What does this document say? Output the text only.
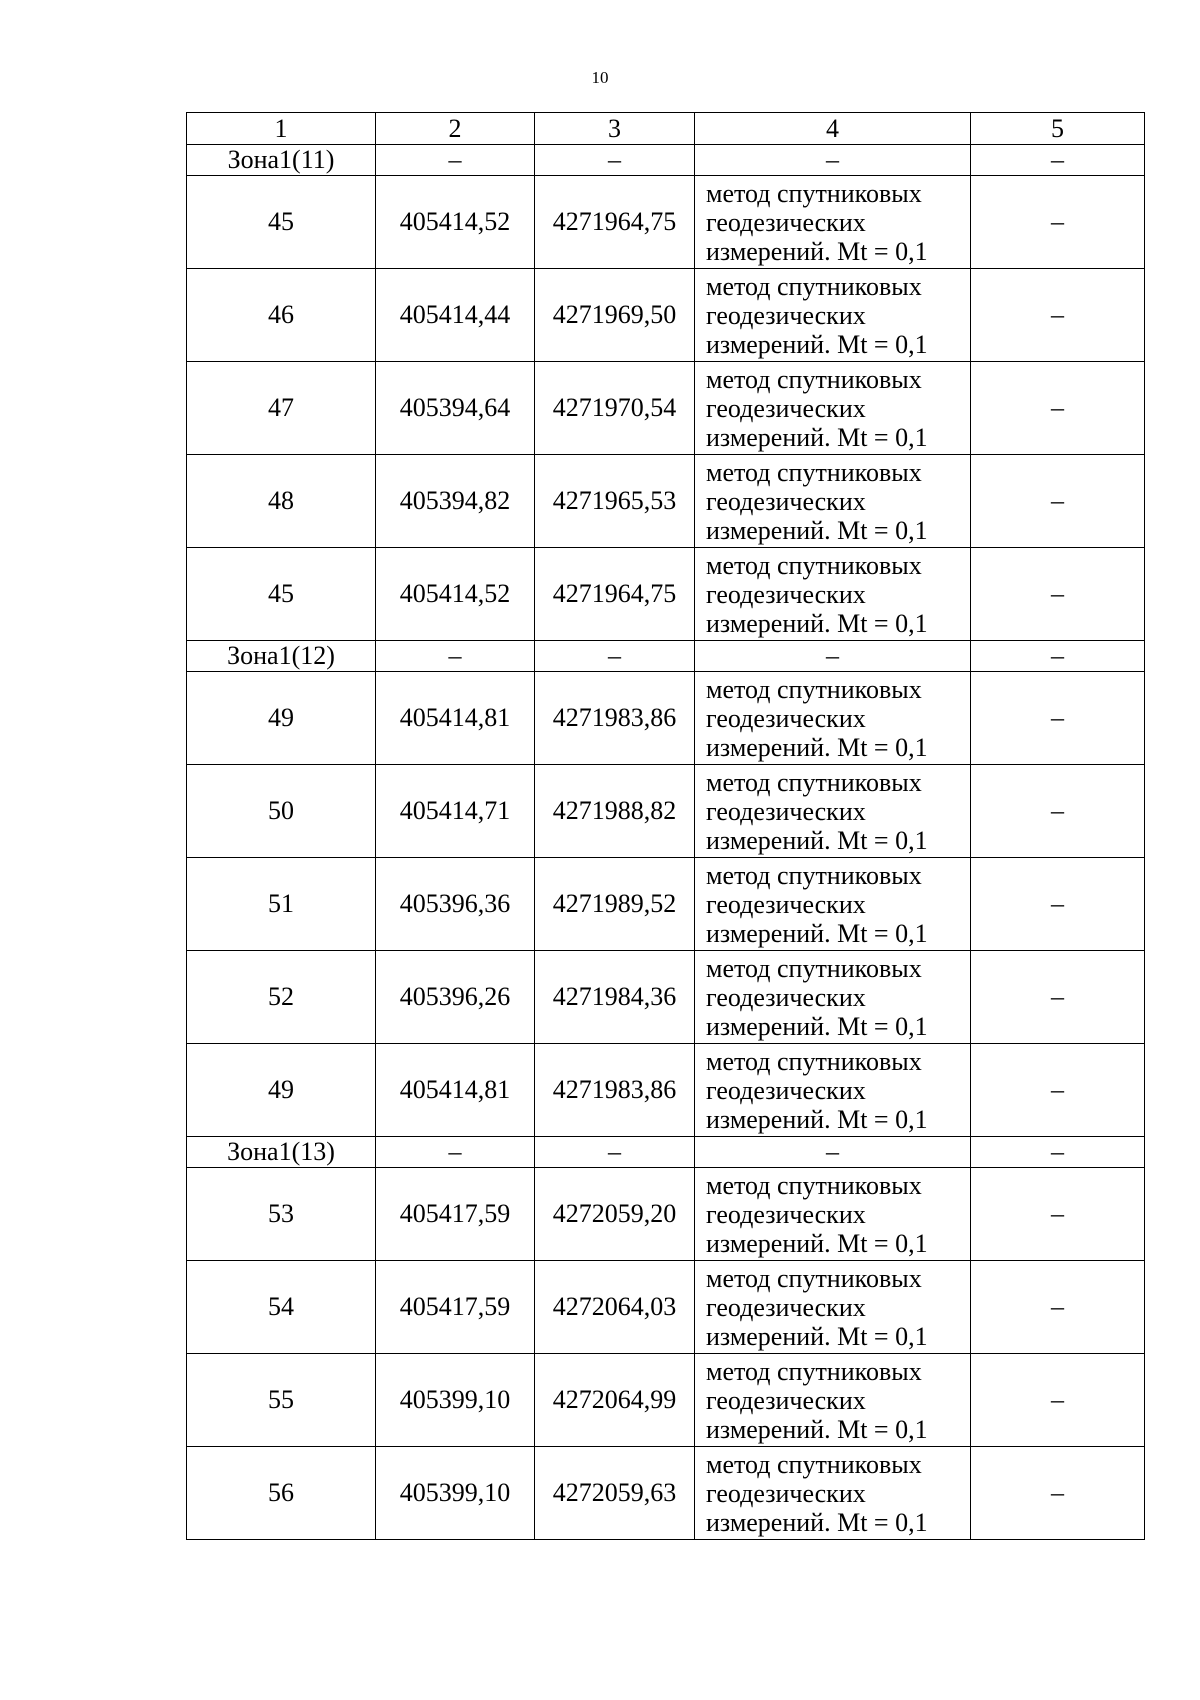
10
1	2	3	4	5
Зона1(11)	–	–	–	–
45	405414,52	4271964,75	метод спутниковых
геодезических
измерений. Mt = 0,1	–
46	405414,44	4271969,50	метод спутниковых
геодезических
измерений. Mt = 0,1	–
47	405394,64	4271970,54	метод спутниковых
геодезических
измерений. Mt = 0,1	–
48	405394,82	4271965,53	метод спутниковых
геодезических
измерений. Mt = 0,1	–
45	405414,52	4271964,75	метод спутниковых
геодезических
измерений. Mt = 0,1	–
Зона1(12)	–	–	–	–
49	405414,81	4271983,86	метод спутниковых
геодезических
измерений. Mt = 0,1	–
50	405414,71	4271988,82	метод спутниковых
геодезических
измерений. Mt = 0,1	–
51	405396,36	4271989,52	метод спутниковых
геодезических
измерений. Mt = 0,1	–
52	405396,26	4271984,36	метод спутниковых
геодезических
измерений. Mt = 0,1	–
49	405414,81	4271983,86	метод спутниковых
геодезических
измерений. Mt = 0,1	–
Зона1(13)	–	–	–	–
53	405417,59	4272059,20	метод спутниковых
геодезических
измерений. Mt = 0,1	–
54	405417,59	4272064,03	метод спутниковых
геодезических
измерений. Mt = 0,1	–
55	405399,10	4272064,99	метод спутниковых
геодезических
измерений. Mt = 0,1	–
56	405399,10	4272059,63	метод спутниковых
геодезических
измерений. Mt = 0,1	–
